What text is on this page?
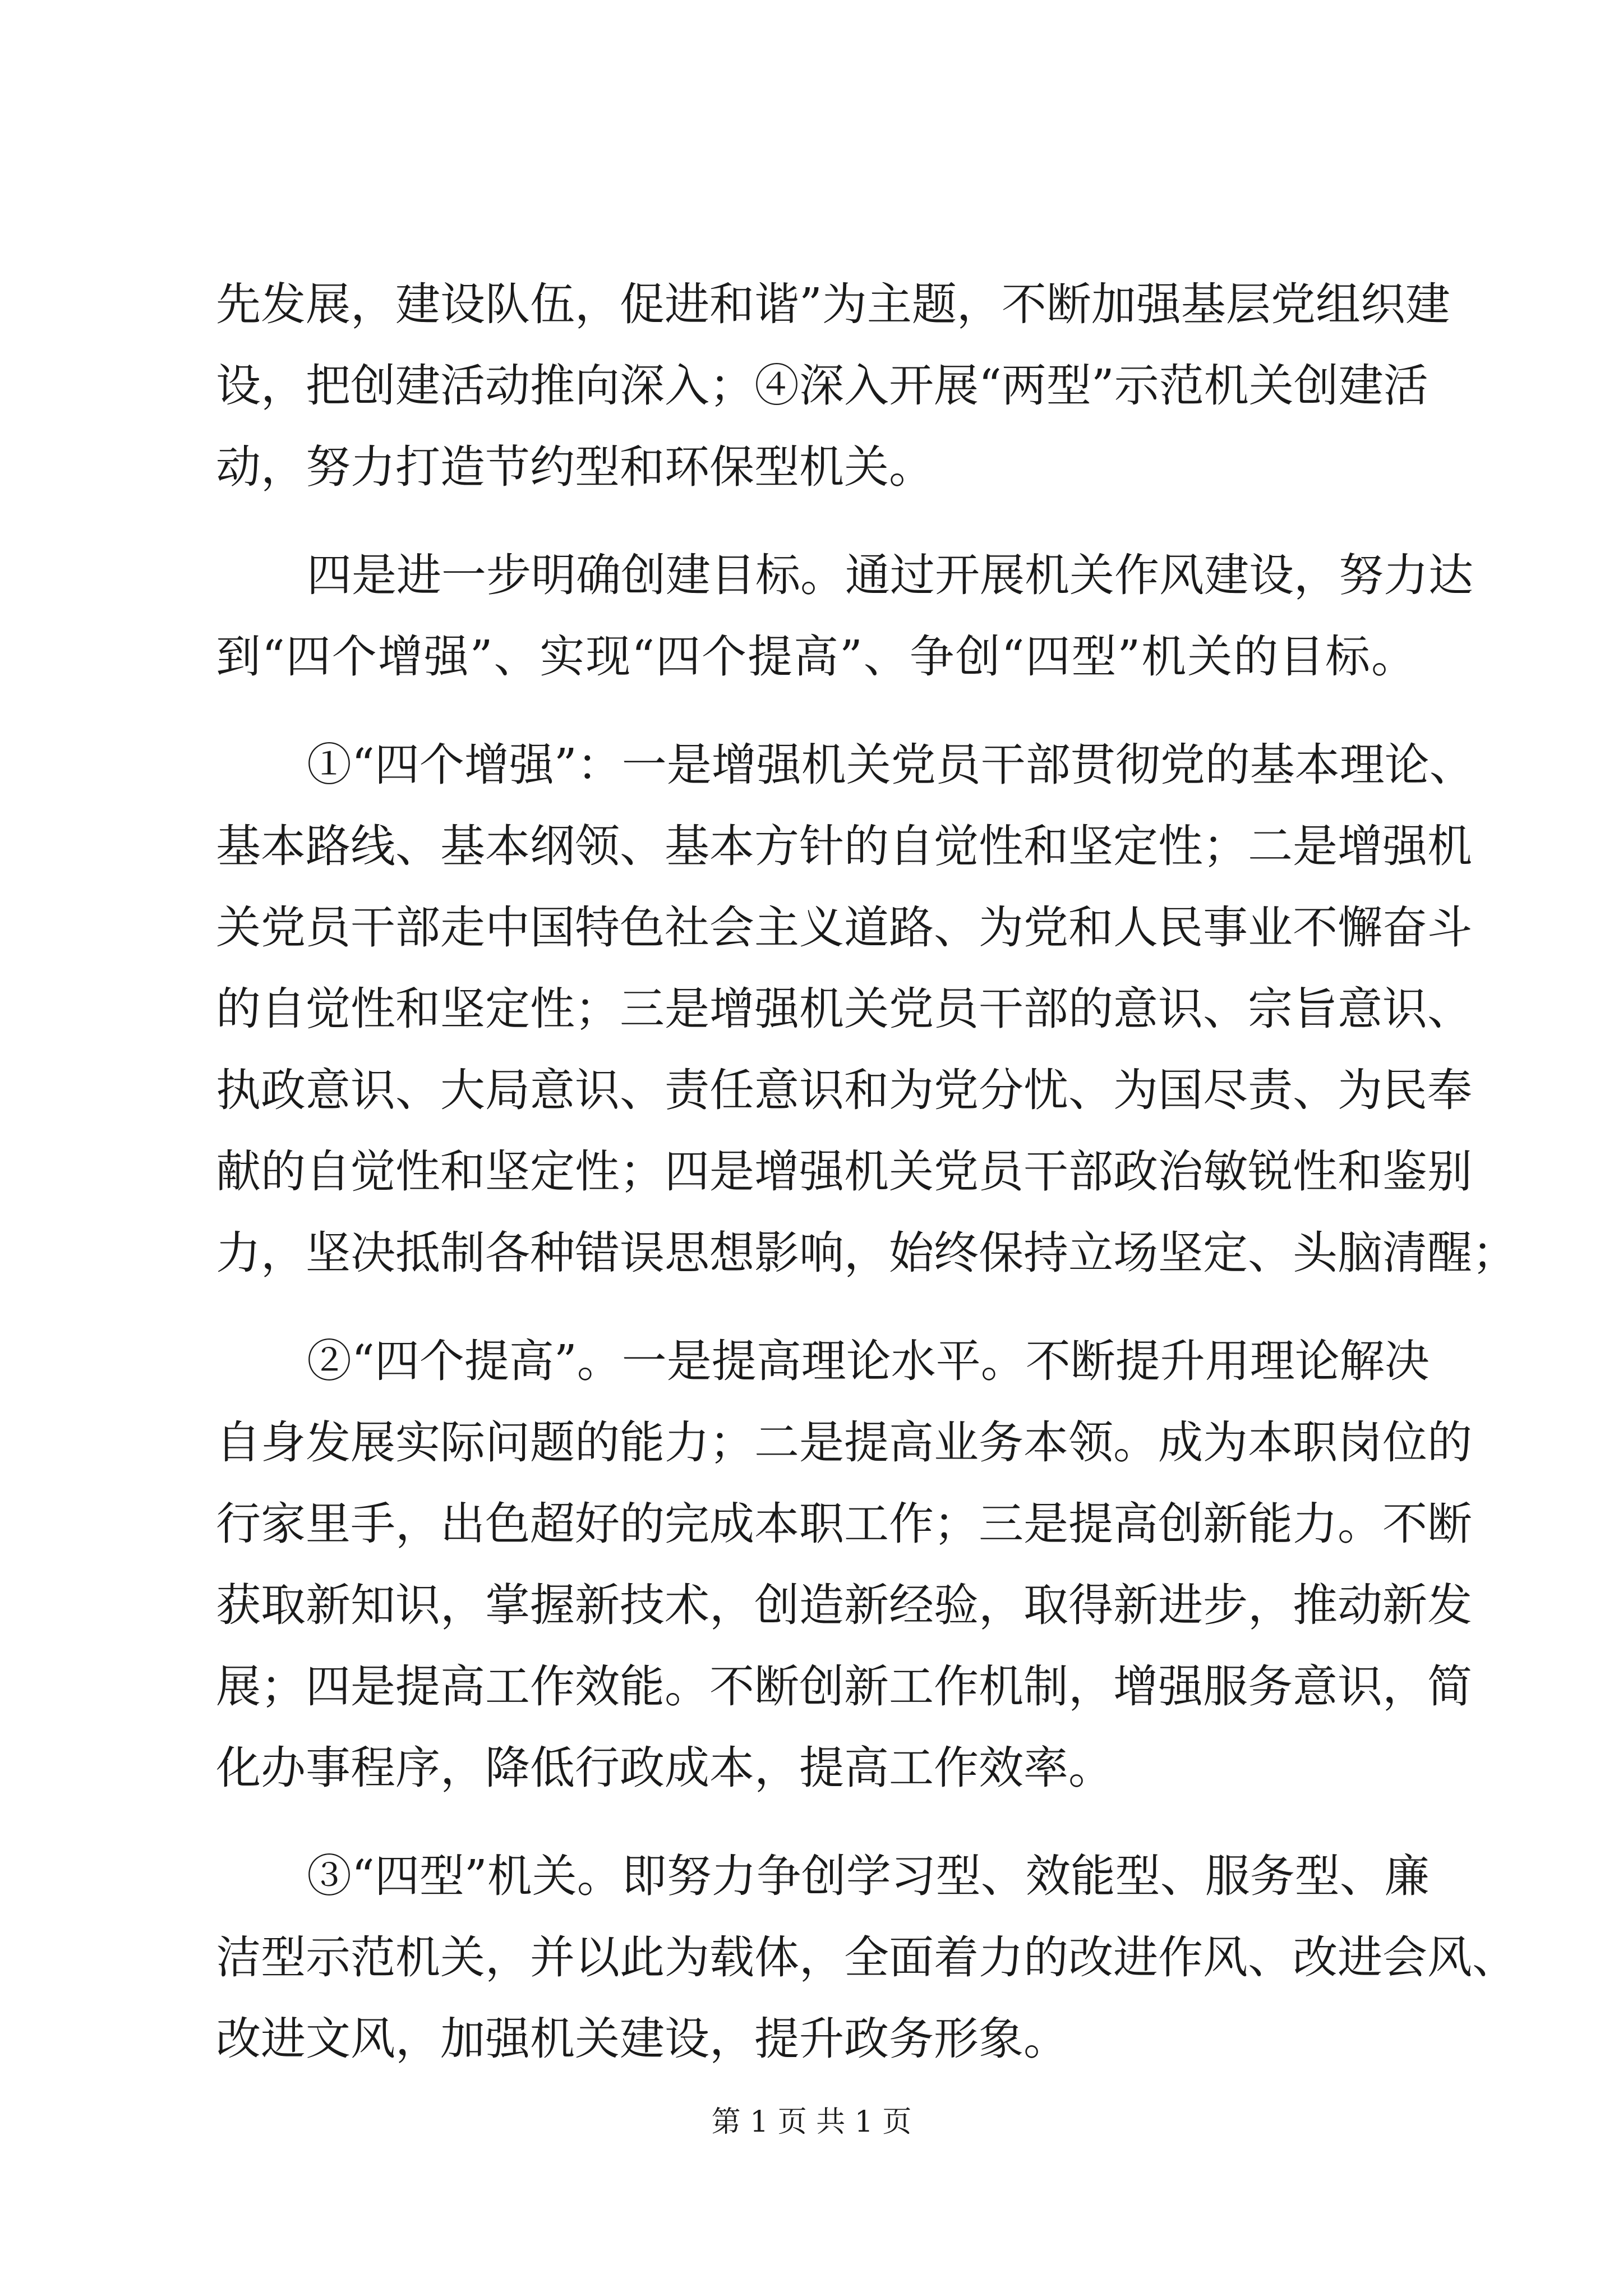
先发展，建设队伍，促进和谐”为主题，不断加强基层党组织建
设，把创建活动推向深入；④深入开展“两型”示范机关创建活
动，努力打造节约型和环保型机关。
四是进一步明确创建目标。通过开展机关作风建设，努力达
到“四个增强”、实现“四个提高”、争创“四型”机关的目标。
①“四个增强”：一是增强机关党员干部贯彻党的基本理论、
基本路线、基本纲领、基本方针的自觉性和坚定性；二是增强机
关党员干部走中国特色社会主义道路、为党和人民事业不懈奋斗
的自觉性和坚定性；三是增强机关党员干部的意识、宗旨意识、
执政意识、大局意识、责任意识和为党分忧、为国尽责、为民奉
献的自觉性和坚定性；四是增强机关党员干部政治敏锐性和鉴别
力，坚决抵制各种错误思想影响，始终保持立场坚定、头脑清醒；
②“四个提高”。一是提高理论水平。不断提升用理论解决
自身发展实际问题的能力；二是提高业务本领。成为本职岗位的
行家里手，出色超好的完成本职工作；三是提高创新能力。不断
获取新知识，掌握新技术，创造新经验，取得新进步，推动新发
展；四是提高工作效能。不断创新工作机制，增强服务意识，简
化办事程序，降低行政成本，提高工作效率。
③“四型”机关。即努力争创学习型、效能型、服务型、廉
洁型示范机关，并以此为载体，全面着力的改进作风、改进会风、
改进文风，加强机关建设，提升政务形象。
第 1 页 共 1 页
